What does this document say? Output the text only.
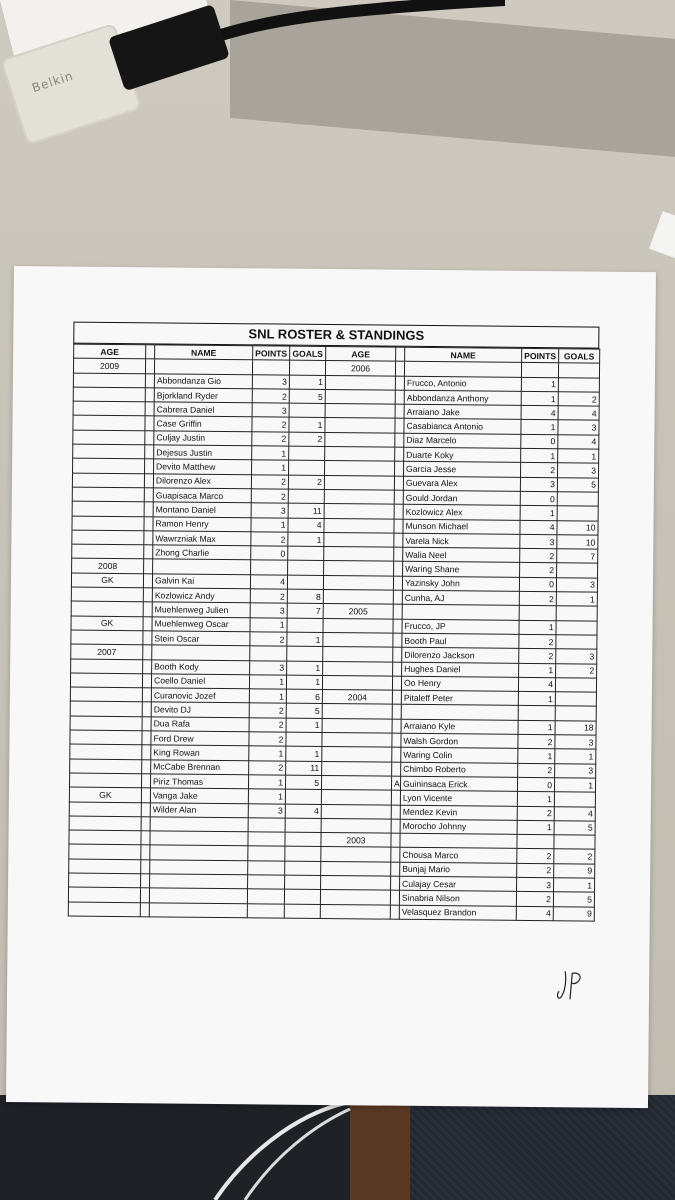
Belkin
SNL ROSTER & STANDINGS
AGE		NAME	POINTS	GOALS	AGE		NAME	POINTS	GOALS
2009					2006				
		Abbondanza Gio	3	1			Frucco, Antonio	1	
		Bjorkland Ryder	2	5			Abbondanza Anthony	1	2
		Cabrera Daniel	3				Arraiano Jake	4	4
		Case Griffin	2	1			Casabianca Antonio	1	3
		Culjay Justin	2	2			Diaz Marcelo	0	4
		Dejesus Justin	1				Duarte Koky	1	1
		Devito Matthew	1				Garcia Jesse	2	3
		Dilorenzo Alex	2	2			Guevara Alex	3	5
		Guapisaca Marco	2				Gould Jordan	0	
		Montano Daniel	3	11			Kozlowicz Alex	1	
		Ramon Henry	1	4			Munson Michael	4	10
		Wawrzniak Max	2	1			Varela Nick	3	10
		Zhong Charlie	0				Walia Neel	2	7
2008							Waring Shane	2	
GK		Galvin Kai	4				Yazinsky John	0	3
		Kozlowicz Andy	2	8			Cunha, AJ	2	1
		Muehlenweg Julien	3	7	2005				
GK		Muehlenweg Oscar	1				Frucco, JP	1	
		Stein Oscar	2	1			Booth Paul	2	
2007							Dilorenzo Jackson	2	3
		Booth Kody	3	1			Hughes Daniel	1	2
		Coello Daniel	1	1			Oo Henry	4	
		Curanovic Jozef	1	6	2004		Pitaleff Peter	1	
		Devito DJ	2	5					
		Dua Rafa	2	1			Arraiano Kyle	1	18
		Ford Drew	2				Walsh Gordon	2	3
		King Rowan	1	1			Waring Colin	1	1
		McCabe Brennan	2	11			Chimbo Roberto	2	3
		Piriz Thomas	1	5		A	Guininsaca Erick	0	1
GK		Vanga Jake	1				Lyon Vicente	1	
		Wilder Alan	3	4			Mendez Kevin	2	4
							Morocho Johnny	1	5
					2003				
							Chousa Marco	2	2
							Bunjaj Mario	2	9
							Culajay Cesar	3	1
							Sinabria Nilson	2	5
							Velasquez Brandon	4	9
